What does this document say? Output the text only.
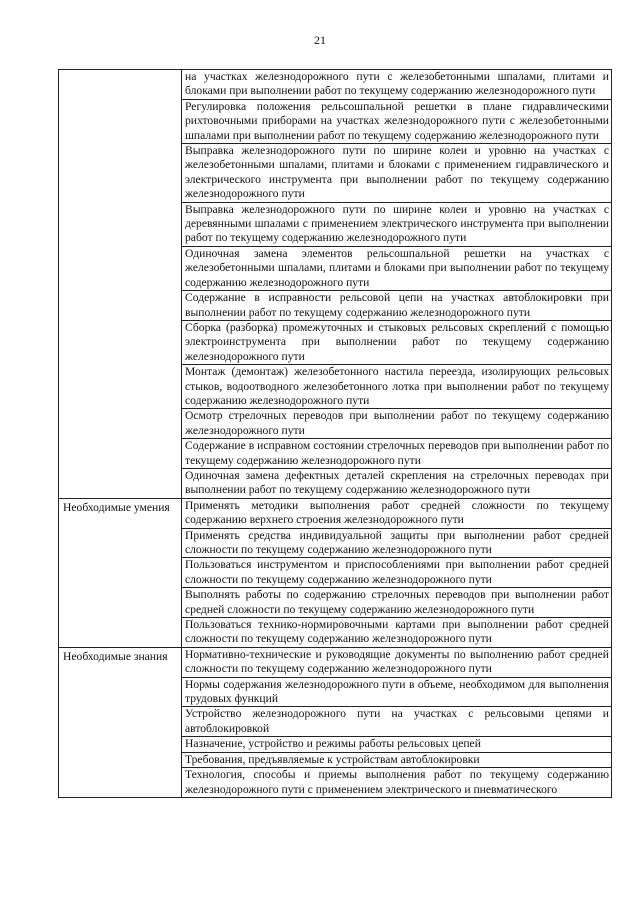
21
	на участках железнодорожного пути с железобетонными шпалами, плитами и блоками при выполнении работ по текущему содержанию железнодорожного пути
	Регулировка положения рельсошпальной решетки в плане гидравлическими рихтовочными приборами на участках железнодорожного пути с железобетонными шпалами при выполнении работ по текущему содержанию железнодорожного пути
	Выправка железнодорожного пути по ширине колеи и уровню на участках с железобетонными шпалами, плитами и блоками с применением гидравлического и электрического инструмента при выполнении работ по текущему содержанию железнодорожного пути
	Выправка железнодорожного пути по ширине колеи и уровню на участках с деревянными шпалами с применением электрического инструмента при выполнении работ по текущему содержанию железнодорожного пути
	Одиночная замена элементов рельсошпальной решетки на участках с железобетонными шпалами, плитами и блоками при выполнении работ по текущему содержанию железнодорожного пути
	Содержание в исправности рельсовой цепи на участках автоблокировки при выполнении работ по текущему содержанию железнодорожного пути
	Сборка (разборка) промежуточных и стыковых рельсовых скреплений с помощью электроинструмента при выполнении работ по текущему содержанию железнодорожного пути
	Монтаж (демонтаж) железобетонного настила переезда, изолирующих рельсовых стыков, водоотводного железобетонного лотка при выполнении работ по текущему содержанию железнодорожного пути
	Осмотр стрелочных переводов при выполнении работ по текущему содержанию железнодорожного пути
	Содержание в исправном состоянии стрелочных переводов при выполнении работ по текущему содержанию железнодорожного пути
	Одиночная замена дефектных деталей скрепления на стрелочных переводах при выполнении работ по текущему содержанию железнодорожного пути
Необходимые умения	Применять методики выполнения работ средней сложности по текущему содержанию верхнего строения железнодорожного пути
	Применять средства индивидуальной защиты при выполнении работ средней сложности по текущему содержанию железнодорожного пути
	Пользоваться инструментом и приспособлениями при выполнении работ средней сложности по текущему содержанию железнодорожного пути
	Выполнять работы по содержанию стрелочных переводов при выполнении работ средней сложности по текущему содержанию железнодорожного пути
	Пользоваться технико-нормировочными картами при выполнении работ средней сложности по текущему содержанию железнодорожного пути
Необходимые знания	Нормативно-технические и руководящие документы по выполнению работ средней сложности по текущему содержанию железнодорожного пути
	Нормы содержания железнодорожного пути в объеме, необходимом для выполнения трудовых функций
	Устройство железнодорожного пути на участках с рельсовыми цепями и автоблокировкой
	Назначение, устройство и режимы работы рельсовых цепей
	Требования, предъявляемые к устройствам автоблокировки
	Технология, способы и приемы выполнения работ по текущему содержанию железнодорожного пути с применением электрического и пневматического
